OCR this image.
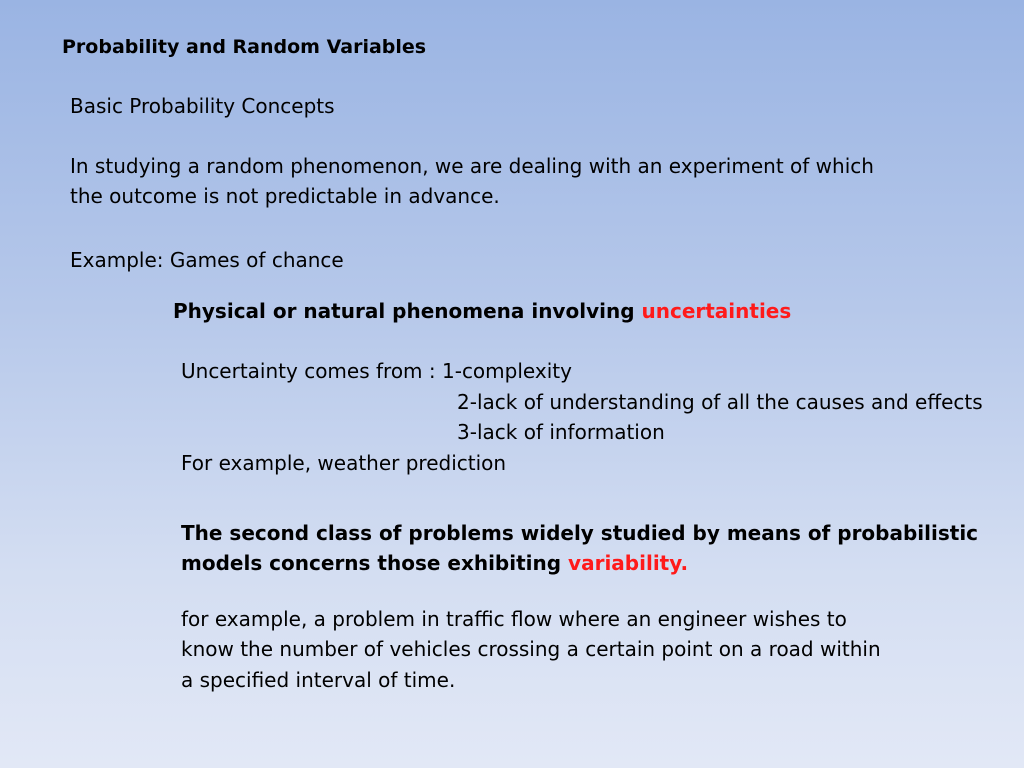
Probability and Random Variables
Basic Probability Concepts
In studying a random phenomenon, we are dealing with an experiment of which
the outcome is not predictable in advance.
Example: Games of chance
Physical or natural phenomena involving uncertainties
Uncertainty comes from : 1-complexity
2-lack of understanding of all the causes and effects
3-lack of information
For example, weather prediction
The second class of problems widely studied by means of probabilistic
models concerns those exhibiting variability.
for example, a problem in traffic flow where an engineer wishes to
know the number of vehicles crossing a certain point on a road within
a specified interval of time.
